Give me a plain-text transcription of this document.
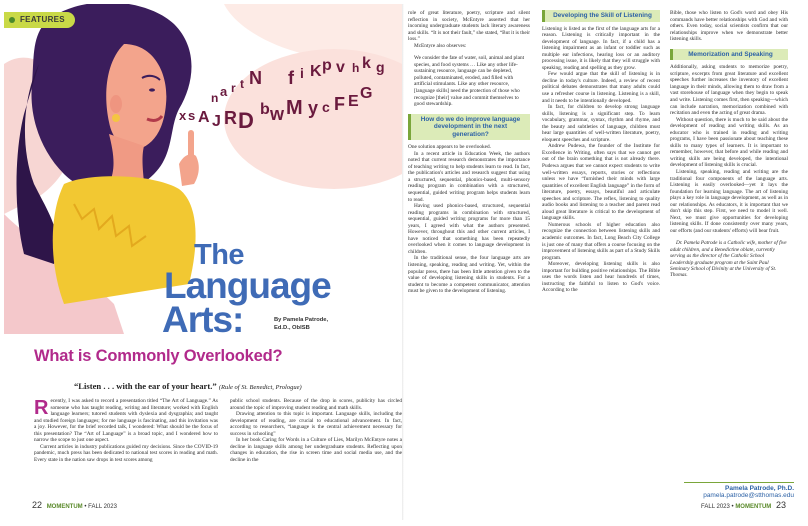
n a r t N f i K p v h k g
x s A J R D b w M y c F E G
FEATURES
The
Language
Arts:	By Pamela Patrode,
Ed.D., ObISB
What is Commonly Overlooked?
“Listen . . . with the ear of your heart.” (Rule of St. Benedict, Prologue)
R ecently, I was asked to record a presentation titled “The Art of Language.” As someone who has taught reading, writing and literature; worked with English language learners; tutored students with dyslexia and dysgraphia; and taught and studied foreign languages; for me language is fascinating, and this invitation was a joy. However, for the brief recorded talk, I wondered: What should be the focus of this presentation? The “Art of Language” is a broad topic, and I wondered how to narrow the scope to just one aspect.

Current articles in industry publications guided my decisions. Since the COVID-19 pandemic, much press has been dedicated to national test scores in reading and math. Every state in the nation saw drops in test scores among

public school students. Because of the drop in scores, publicity has circled around the topic of improving student reading and math skills.

Drawing attention to this topic is important. Language skills, including the development of reading, are crucial to educational advancement. In fact, according to researchers, “language is the central achievement necessary for success in schooling”

In her book Caring for Words in a Culture of Lies, Marilyn McEntyre notes a decline in language skills among her undergraduate students. Reflecting upon changes in education, the rise in screen time and social media use, and the decline in the

22 MOMENTUM • FALL 2023

role of great literature, poetry, scripture and silent reflection in society, McEntyre asserted that her incoming undergraduate students lack literary awareness and skills. “It is not their fault,” she stated, “But it is their loss.”

McEntyre also observes:

We consider the fate of water, soil, animal and plant species, and food systems … Like any other life-sustaining resource, language can be depleted, polluted, contaminated, eroded, and filled with artificial stimulants. Like any other resource, [language skills] need the protection of those who recognize [their] value and commit themselves to good stewardship.

How do we do improve language development in the next generation?

One solution appears to be overlooked.

In a recent article in Education Week, the authors noted that current research demonstrates the importance of teaching writing to help students learn to read. In fact, the publication's articles and research suggest that using a structured, sequential, phonics-based, multi-sensory reading program in combination with a structured, sequential, guided writing program helps students learn to read.

Having used phonics-based, structured, sequential reading programs in combination with structured, sequential, guided writing programs for more than 15 years, I agreed with what the authors presented. However, throughout this and other current articles, I have noticed that something has been repeatedly overlooked when it comes to language development in children.

In the traditional sense, the four language arts are listening, speaking, reading and writing. Yet, within the popular press, there has been little attention given to the value of developing listening skills in students. For a student to become a competent communicator, attention must be given to the development of listening.

Developing the Skill of Listening

Listening is listed as the first of the language arts for a reason. Listening is critically important in the development of language. In fact, if a child has a listening impairment as an infant or toddler such as multiple ear infections, hearing loss or an auditory processing issue, it is likely that they will struggle with speaking, reading and spelling as they grow.

Few would argue that the skill of listening is in decline in today's culture. Indeed, a review of recent political debates demonstrates that many adults could use a refresher course in listening. Listening is a skill, and it needs to be intentionally developed.

In fact, for children to develop strong language skills, listening is a significant step. To learn vocabulary, grammar, syntax, rhythm and rhyme, and the beauty and subtleties of language, children must hear large quantities of well-written literature, poetry, eloquent speeches and scripture.

Andrew Pudewa, the founder of the Institute for Excellence in Writing, often says that we cannot get out of the brain something that is not already there. Pudewa argues that we cannot expect students to write well-written essays, reports, stories or reflections unless we have “furnished their minds with large quantities of excellent English language” in the form of literature, poetry, essays, beautiful and articulate speeches and scripture. The reflex, listening to quality audio books and listening to a teacher and parent read aloud great literature is critical to the development of language skills.

Numerous schools of higher education also recognize the connection between listening skills and academic outcomes. In fact, Long Beach City College is just one of many that offers a course focusing on the improvement of listening skills as part of a Study Skills program.

Moreover, developing listening skills is also important for building positive relationships. The Bible uses the words listen and hear hundreds of times, instructing the faithful to listen to God's voice. According to the

Bible, those who listen to God's word and obey His commands have better relationships with God and with others. Even today, social scientists confirm that our relationships improve when we demonstrate better listening skills.

Memorization and Speaking

Additionally, asking students to memorize poetry, scripture, excerpts from great literature and excellent speeches further increases the inventory of excellent language in their minds, allowing them to draw from a vast storehouse of language when they begin to speak and write. Listening comes first, then speaking—which can include narration, memorization combined with recitation and even the acting of great drama.

Without question, there is much to be said about the development of reading and writing skills. As an educator who is trained in reading and writing programs, I have been passionate about teaching these skills to many types of learners. It is important to remember, however, that before and while reading and writing skills are being developed, the intentional development of listening skills is crucial.

Listening, speaking, reading and writing are the traditional four components of the language arts. Listening is easily overlooked—yet it lays the foundation for learning language. The art of listening plays a key role in language development, as well as in our relationships. As educators, it is important that we don't skip this step. First, we need to model it well. Next, we must give opportunities for developing listening skills. If done consistently over many years, our efforts (and our students' efforts) will bear fruit.

Dr. Pamela Patrode is a Catholic wife, mother of five adult children, and a Benedictine oblate, currently serving as the director of the Catholic School Leadership graduate program at the Saint Paul Seminary School of Divinity at the University of St. Thomas.

Pamela Patrode, Ph.D.
pamela.patrode@stthomas.edu
FALL 2023 • MOMENTUM 23
